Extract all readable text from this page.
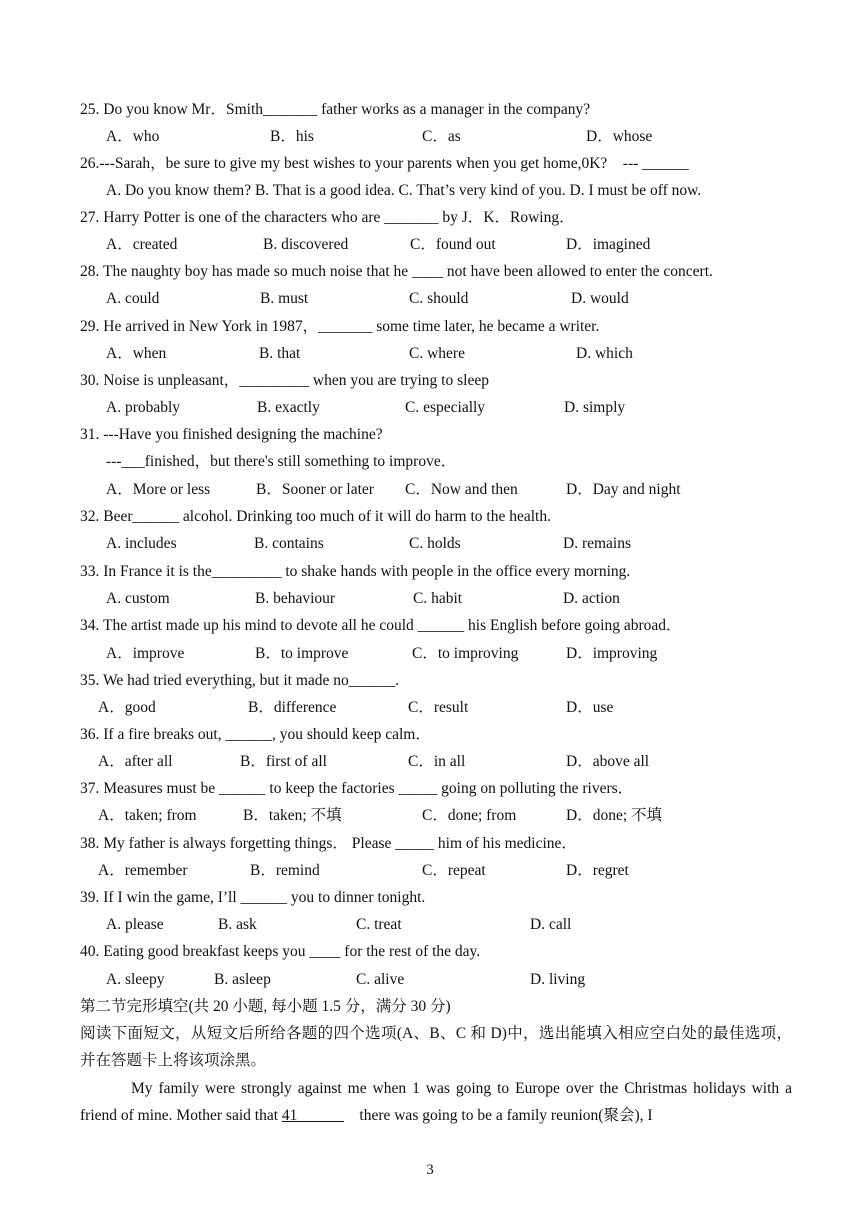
25. Do you know Mr．Smith_______ father works as a manager in the company?
A．who	B．his	C．as	D．whose
26.---Sarah，be sure to give my best wishes to your parents when you get home,0K?　--- ______
A. Do you know them? B. That is a good idea. C. That’s very kind of you. D. I must be off now.
27. Harry Potter is one of the characters who are _______ by J．K．Rowing．
A．created	B. discovered	C．found out	D．imagined
28. The naughty boy has made so much noise that he ____ not have been allowed to enter the concert.
A. could	B. must	C. should	D. would
29. He arrived in New York in 1987，_______ some time later, he became a writer.
A．when	B. that	C. where	D. which
30. Noise is unpleasant，_________ when you are trying to sleep
A. probably	B. exactly	C. especially	D. simply
31. ---Have you finished designing the machine?
---___finished，but there's still something to improve．
A．More or less	B．Sooner or later C．Now and then	D．Day and night
32. Beer______ alcohol. Drinking too much of it will do harm to the health.
A. includes	B. contains	C. holds	D. remains
33. In France it is the_________ to shake hands with people in the office every morning.
A. custom	B. behaviour	C. habit	D. action
34. The artist made up his mind to devote all he could ______ his English before going abroad．
A．improve	B．to improve	C．to improving	D．improving
35. We had tried everything, but it made no______.
A．good	B．difference	C．result	D．use
36. If a fire breaks out, ______, you should keep calm．
A．after all	B．first of all	C．in all	D．above all
37. Measures must be ______ to keep the factories _____ going on polluting the rivers．
A．taken; from	B．taken; 不填	C．done; from	D．done; 不填
38. My father is always forgetting things． Please _____ him of his medicine．
A．remember	B．remind	C．repeat	D．regret
39. If I win the game, I’ll ______ you to dinner tonight.
A. please	B. ask	C. treat	D. call
40. Eating good breakfast keeps you ____ for the rest of the day.
A. sleepy	B. asleep	C. alive	D. living
第二节完形填空(共 20 小题, 每小题 1.5 分，满分 30 分)
阅读下面短文，从短文后所给各题的四个选项(A、B、C 和 D)中，选出能填入相应空白处的最佳选项，并在答题卡上将该项涂黑。
My family were strongly against me when 1 was going to Europe over the Christmas holidays with a friend of mine. Mother said that 41______　there was going to be a family reunion(聚会), I
3
